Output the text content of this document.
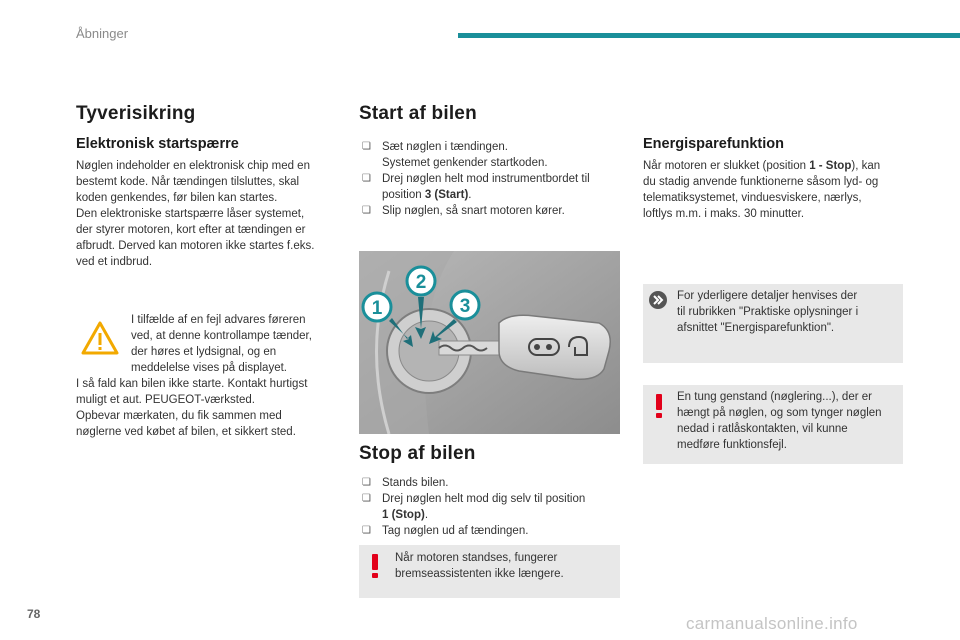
Åbninger
Tyverisikring
Elektronisk startspærre
Nøglen indeholder en elektronisk chip med en
bestemt kode. Når tændingen tilsluttes, skal
koden genkendes, før bilen kan startes.
Den elektroniske startspærre låser systemet,
der styrer motoren, kort efter at tændingen er
afbrudt. Derved kan motoren ikke startes f.eks.
ved et indbrud.
I tilfælde af en fejl advares føreren
ved, at denne kontrollampe tænder,
der høres et lydsignal, og en
meddelelse vises på displayet.
I så fald kan bilen ikke starte. Kontakt hurtigst
muligt et aut. PEUGEOT-værksted.
Opbevar mærkaten, du fik sammen med
nøglerne ved købet af bilen, et sikkert sted.
Start af bilen
❏ Sæt nøglen i tændingen.
Systemet genkender startkoden.
❏ Drej nøglen helt mod instrumentbordet til
position 3 (Start).
❏ Slip nøglen, så snart motoren kører.
1
2
3
Stop af bilen
❏ Stands bilen.
❏ Drej nøglen helt mod dig selv til position
1 (Stop).
❏ Tag nøglen ud af tændingen.
Når motoren standses, fungerer
bremseassistenten ikke længere.
Energisparefunktion
Når motoren er slukket (position 1 - Stop), kan
du stadig anvende funktionerne såsom lyd- og
telematiksystemet, vinduesviskere, nærlys,
loftlys m.m. i maks. 30 minutter.
For yderligere detaljer henvises der
til rubrikken "Praktiske oplysninger i
afsnittet "Energisparefunktion".
En tung genstand (nøglering...), der er
hængt på nøglen, og som tynger nøglen
nedad i ratlåskontakten, vil kunne
medføre funktionsfejl.
78	carmanualsonline.info
